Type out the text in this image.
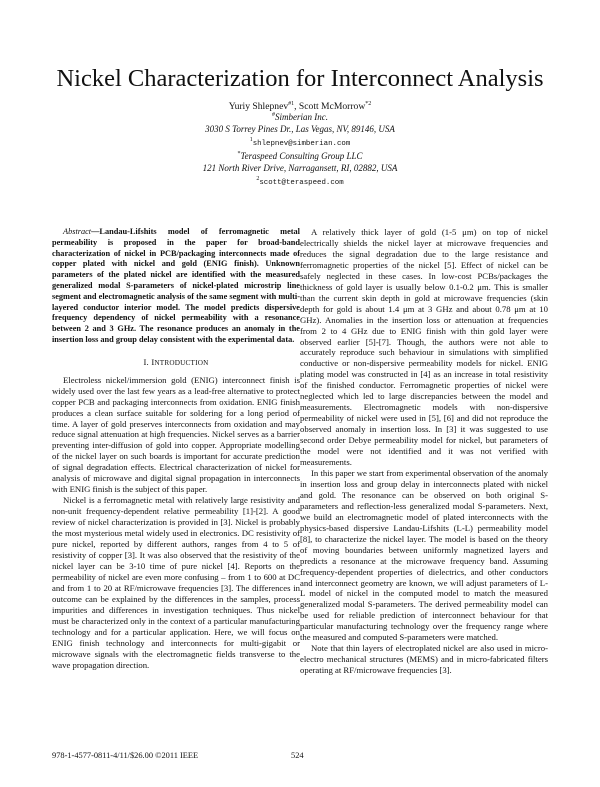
Nickel Characterization for Interconnect Analysis
Yuriy Shlepnev$^{\#1}$, Scott McMorrow$^{*2}$
#Simberian Inc.
3030 S Torrey Pines Dr., Las Vegas, NV, 89146, USA
$^1$shlepnev@simberian.com
*Teraspeed Consulting Group LLC
121 North River Drive, Narragansett, RI, 02882, USA
$^2$scott@teraspeed.com

Abstract—Landau-Lifshits model of ferromagnetic metal permeability is proposed in the paper for broad-band characterization of nickel in PCB/packaging interconnects made of copper plated with nickel and gold (ENIG finish). Unknown parameters of the plated nickel are identified with the measured generalized modal S-parameters of nickel-plated microstrip line segment and electromagnetic analysis of the same segment with multi-layered conductor interior model. The model predicts dispersive frequency dependency of nickel permeability with a resonance between 2 and 3 GHz. The resonance produces an anomaly in the insertion loss and group delay consistent with the experimental data.

I. INTRODUCTION

Electroless nickel/immersion gold (ENIG) interconnect finish is widely used over the last few years as a lead-free alternative to protect copper PCB and packaging interconnects from oxidation. ENIG finish produces a clean surface suitable for soldering for a long period of time. A layer of gold preserves interconnects from oxidation and may reduce signal attenuation at high frequencies. Nickel serves as a barrier preventing inter-diffusion of gold into copper. Appropriate modelling of the nickel layer on such boards is important for accurate prediction of signal degradation effects. Electrical characterization of nickel for analysis of microwave and digital signal propagation in interconnects with ENIG finish is the subject of this paper.

Nickel is a ferromagnetic metal with relatively large resistivity and non-unit frequency-dependent relative permeability [1]-[2]. A good review of nickel characterization is provided in [3]. Nickel is probably the most mysterious metal widely used in electronics. DC resistivity of pure nickel, reported by different authors, ranges from 4 to 5 of resistivity of copper [3]. It was also observed that the resistivity of the nickel layer can be 3-10 time of pure nickel [4]. Reports on the permeability of nickel are even more confusing – from 1 to 600 at DC and from 1 to 20 at RF/microwave frequencies [3]. The differences in outcome can be explained by the differences in the samples, process impurities and differences in investigation techniques. Thus nickel must be characterized only in the context of a particular manufacturing technology and for a particular application. Here, we will focus on ENIG finish technology and interconnects for multi-gigabit or microwave signals with the electromagnetic fields transverse to the wave propagation direction.

A relatively thick layer of gold (1-5 μm) on top of nickel electrically shields the nickel layer at microwave frequencies and reduces the signal degradation due to the large resistance and ferromagnetic properties of the nickel [5]. Effect of nickel can be safely neglected in these cases. In low-cost PCBs/packages the thickness of gold layer is usually below 0.1-0.2 μm. This is smaller than the current skin depth in gold at microwave frequencies (skin depth for gold is about 1.4 μm at 3 GHz and about 0.78 μm at 10 GHz). Anomalies in the insertion loss or attenuation at frequencies from 2 to 4 GHz due to ENIG finish with thin gold layer were observed earlier [5]-[7]. Though, the authors were not able to accurately reproduce such behaviour in simulations with simplified conductive or non-dispersive permeability models for nickel. ENIG plating model was constructed in [4] as an increase in total resistivity of the finished conductor. Ferromagnetic properties of nickel were neglected which led to large discrepancies between the model and measurements. Electromagnetic models with non-dispersive permeability of nickel were used in [5], [6] and did not reproduce the observed anomaly in insertion loss. In [3] it was suggested to use second order Debye permeability model for nickel, but parameters of the model were not identified and it was not verified with measurements.

In this paper we start from experimental observation of the anomaly in insertion loss and group delay in interconnects plated with nickel and gold. The resonance can be observed on both original S-parameters and reflection-less generalized modal S-parameters. Next, we build an electromagnetic model of plated interconnects with the physics-based dispersive Landau-Lifshits (L-L) permeability model [8], to characterize the nickel layer. The model is based on the theory of moving boundaries between uniformly magnetized layers and predicts a resonance at the microwave frequency band. Assuming frequency-dependent properties of dielectrics, and other conductors and interconnect geometry are known, we will adjust parameters of L-L model of nickel in the computed model to match the measured generalized modal S-parameters. The derived permeability model can be used for reliable prediction of interconnect behaviour for that particular manufacturing technology over the frequency range where the measured and computed S-parameters were matched.

Note that thin layers of electroplated nickel are also used in micro-electro mechanical structures (MEMS) and in micro-fabricated filters operating at RF/microwave frequencies [3].

978-1-4577-0811-4/11/$26.00 ©2011 IEEE	524
